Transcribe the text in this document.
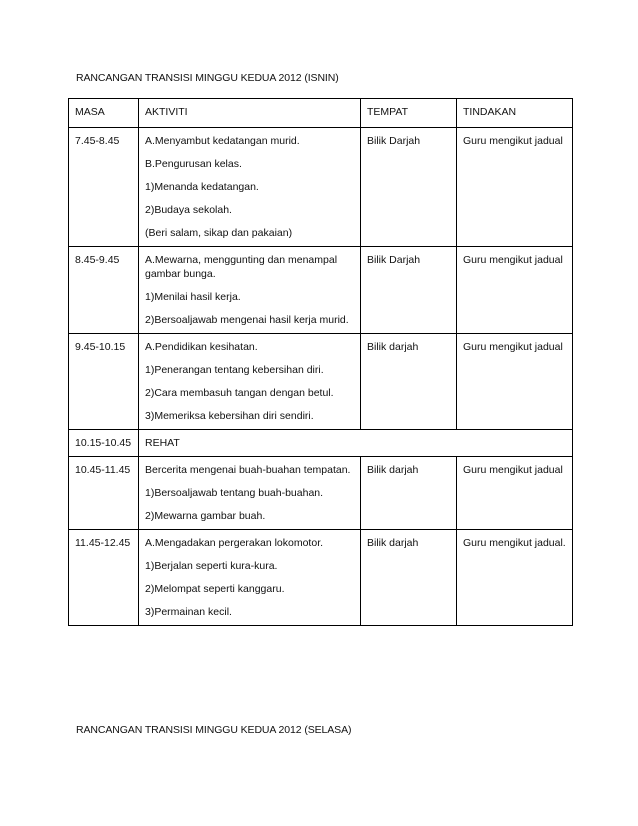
RANCANGAN TRANSISI MINGGU KEDUA 2012 (ISNIN)
MASA	AKTIVITI	TEMPAT	TINDAKAN
7.45-8.45	A.Menyambut kedatangan murid.
B.Pengurusan kelas.
1)Menanda kedatangan.
2)Budaya sekolah.
(Beri salam, sikap dan pakaian)	Bilik Darjah	Guru mengikut jadual
8.45-9.45	A.Mewarna, menggunting dan menampal gambar bunga.
1)Menilai hasil kerja.
2)Bersoaljawab mengenai hasil kerja murid.	Bilik Darjah	Guru mengikut jadual
9.45-10.15	A.Pendidikan kesihatan.
1)Penerangan tentang kebersihan diri.
2)Cara membasuh tangan dengan betul.
3)Memeriksa kebersihan diri sendiri.	Bilik darjah	Guru mengikut jadual
10.15-10.45	REHAT		
10.45-11.45	Bercerita mengenai buah-buahan tempatan.
1)Bersoaljawab tentang buah-buahan.
2)Mewarna gambar buah.	Bilik darjah	Guru mengikut jadual
11.45-12.45	A.Mengadakan pergerakan lokomotor.
1)Berjalan seperti kura-kura.
2)Melompat seperti kanggaru.
3)Permainan kecil.	Bilik darjah	Guru mengikut jadual.
RANCANGAN TRANSISI MINGGU KEDUA 2012 (SELASA)
